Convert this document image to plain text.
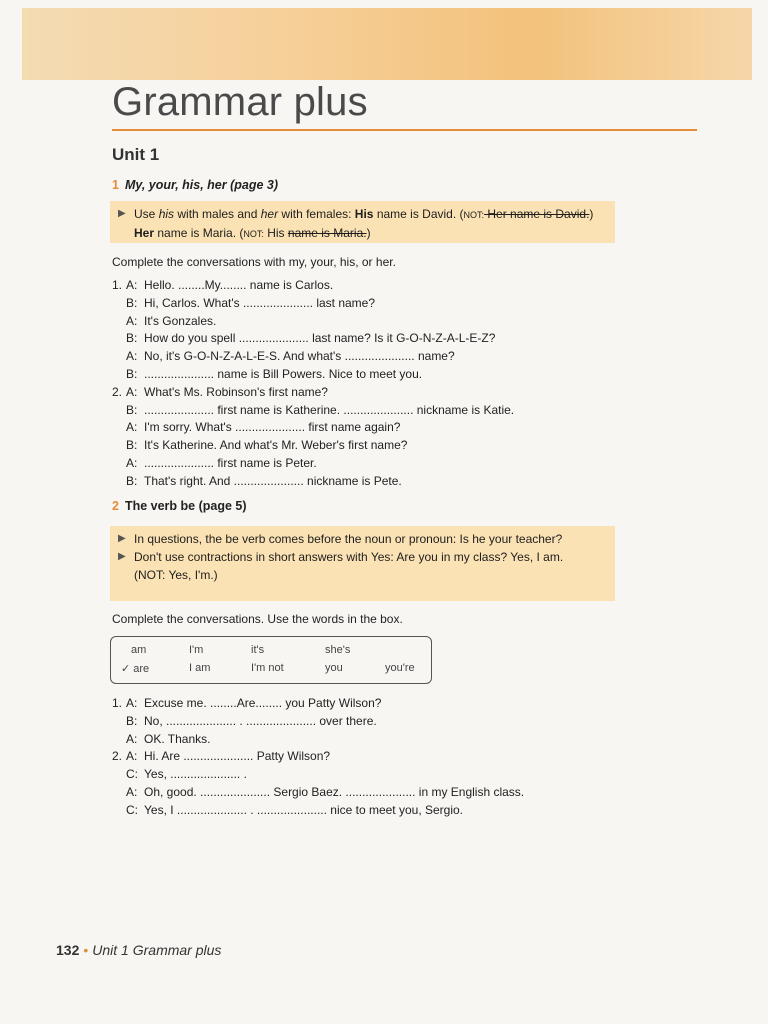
Grammar plus
Unit 1
1 My, your, his, her (page 3)
▶ Use his with males and her with females: His name is David. (NOT: Her name is David.) Her name is Maria. (NOT: His name is Maria.)
Complete the conversations with my, your, his, or her.
1. A: Hello. ........My........ name is Carlos.
B: Hi, Carlos. What's ..................... last name?
A: It's Gonzales.
B: How do you spell ..................... last name? Is it G-O-N-Z-A-L-E-Z?
A: No, it's G-O-N-Z-A-L-E-S. And what's ..................... name?
B: ..................... name is Bill Powers. Nice to meet you.
2. A: What's Ms. Robinson's first name?
B: ..................... first name is Katherine. ..................... nickname is Katie.
A: I'm sorry. What's ..................... first name again?
B: It's Katherine. And what's Mr. Weber's first name?
A: ..................... first name is Peter.
B: That's right. And ..................... nickname is Pete.
2 The verb be (page 5)
▶ In questions, the be verb comes before the noun or pronoun: Is he your teacher?
▶ Don't use contractions in short answers with Yes: Are you in my class? Yes, I am.
(NOT: Yes, I'm.)
Complete the conversations. Use the words in the box.
am	I'm	it's	she's
✓ are	I am	I'm not	you	you're
1. A: Excuse me. ........Are........ you Patty Wilson?
B: No, ..................... . ..................... over there.
A: OK. Thanks.
2. A: Hi. Are ..................... Patty Wilson?
C: Yes, ..................... .
A: Oh, good. ..................... Sergio Baez. ..................... in my English class.
C: Yes, I ..................... . ..................... nice to meet you, Sergio.
132 • Unit 1 Grammar plus
